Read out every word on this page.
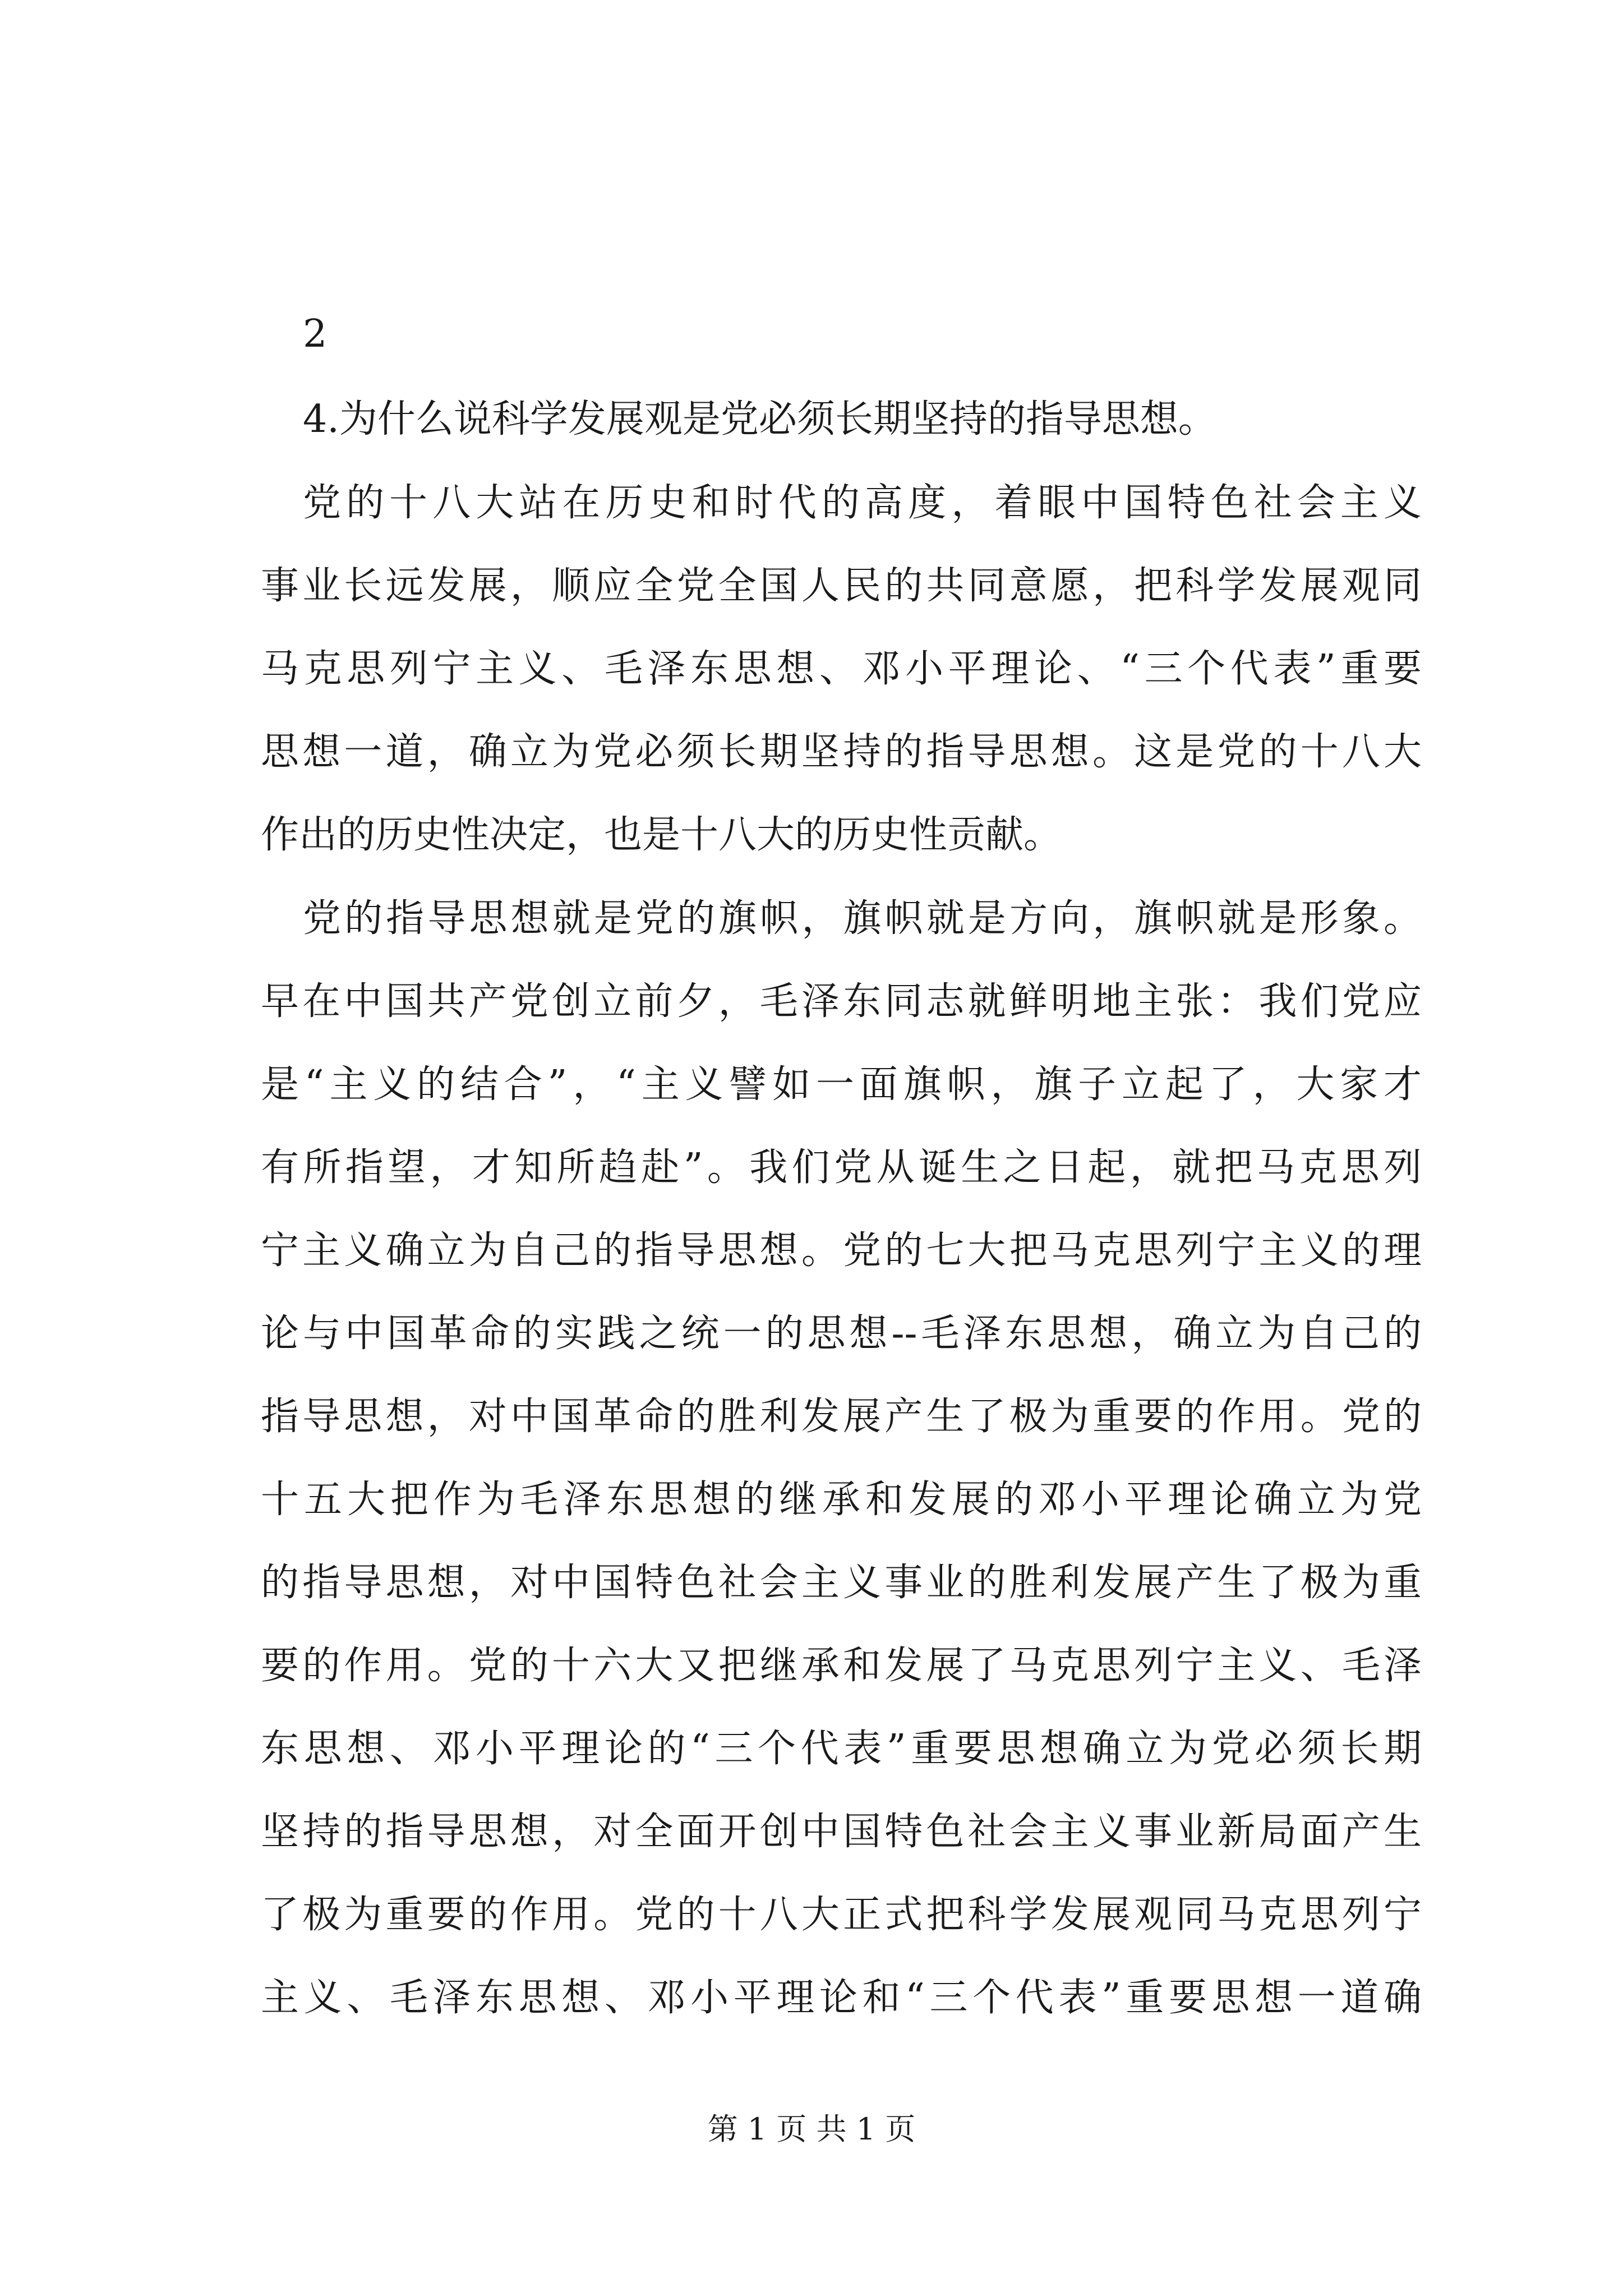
2
4.为什么说科学发展观是党必须长期坚持的指导思想。
党的十八大站在历史和时代的高度，着眼中国特色社会主义
事业长远发展，顺应全党全国人民的共同意愿，把科学发展观同
马克思列宁主义、毛泽东思想、邓小平理论、“三个代表”重要
思想一道，确立为党必须长期坚持的指导思想。这是党的十八大
作出的历史性决定，也是十八大的历史性贡献。
党的指导思想就是党的旗帜，旗帜就是方向，旗帜就是形象。
早在中国共产党创立前夕，毛泽东同志就鲜明地主张：我们党应
是“主义的结合”，“主义譬如一面旗帜，旗子立起了，大家才
有所指望，才知所趋赴”。我们党从诞生之日起，就把马克思列
宁主义确立为自己的指导思想。党的七大把马克思列宁主义的理
论与中国革命的实践之统一的思想--毛泽东思想，确立为自己的
指导思想，对中国革命的胜利发展产生了极为重要的作用。党的
十五大把作为毛泽东思想的继承和发展的邓小平理论确立为党
的指导思想，对中国特色社会主义事业的胜利发展产生了极为重
要的作用。党的十六大又把继承和发展了马克思列宁主义、毛泽
东思想、邓小平理论的“三个代表”重要思想确立为党必须长期
坚持的指导思想，对全面开创中国特色社会主义事业新局面产生
了极为重要的作用。党的十八大正式把科学发展观同马克思列宁
主义、毛泽东思想、邓小平理论和“三个代表”重要思想一道确
第 1 页 共 1 页
